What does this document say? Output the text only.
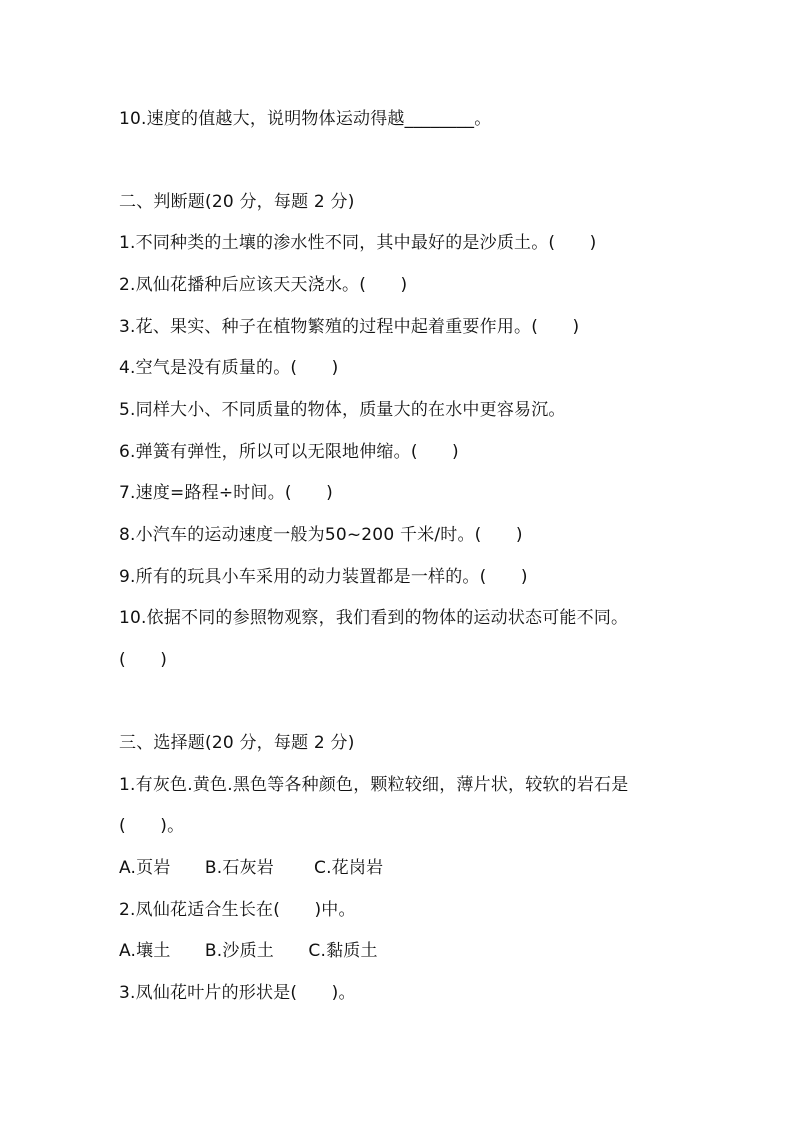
10.速度的值越大，说明物体运动得越________。
二、判断题(20 分，每题 2 分)
1.不同种类的土壤的渗水性不同，其中最好的是沙质土。(　　)
2.凤仙花播种后应该天天浇水。(　　)
3.花、果实、种子在植物繁殖的过程中起着重要作用。(　　)
4.空气是没有质量的。(　　)
5.同样大小、不同质量的物体，质量大的在水中更容易沉。
6.弹簧有弹性，所以可以无限地伸缩。(　　)
7.速度=路程÷时间。(　　)
8.小汽车的运动速度一般为50~200 千米/时。(　　)
9.所有的玩具小车采用的动力装置都是一样的。(　　)
10.依据不同的参照物观察，我们看到的物体的运动状态可能不同。
(　　)
三、选择题(20 分，每题 2 分)
1.有灰色.黄色.黑色等各种颜色，颗粒较细，薄片状，较软的岩石是
(　　)。
A.页岩　　B.石灰岩　　 C.花岗岩
2.凤仙花适合生长在(　　)中。
A.壤土　　B.沙质土　　C.黏质土
3.凤仙花叶片的形状是(　　)。
